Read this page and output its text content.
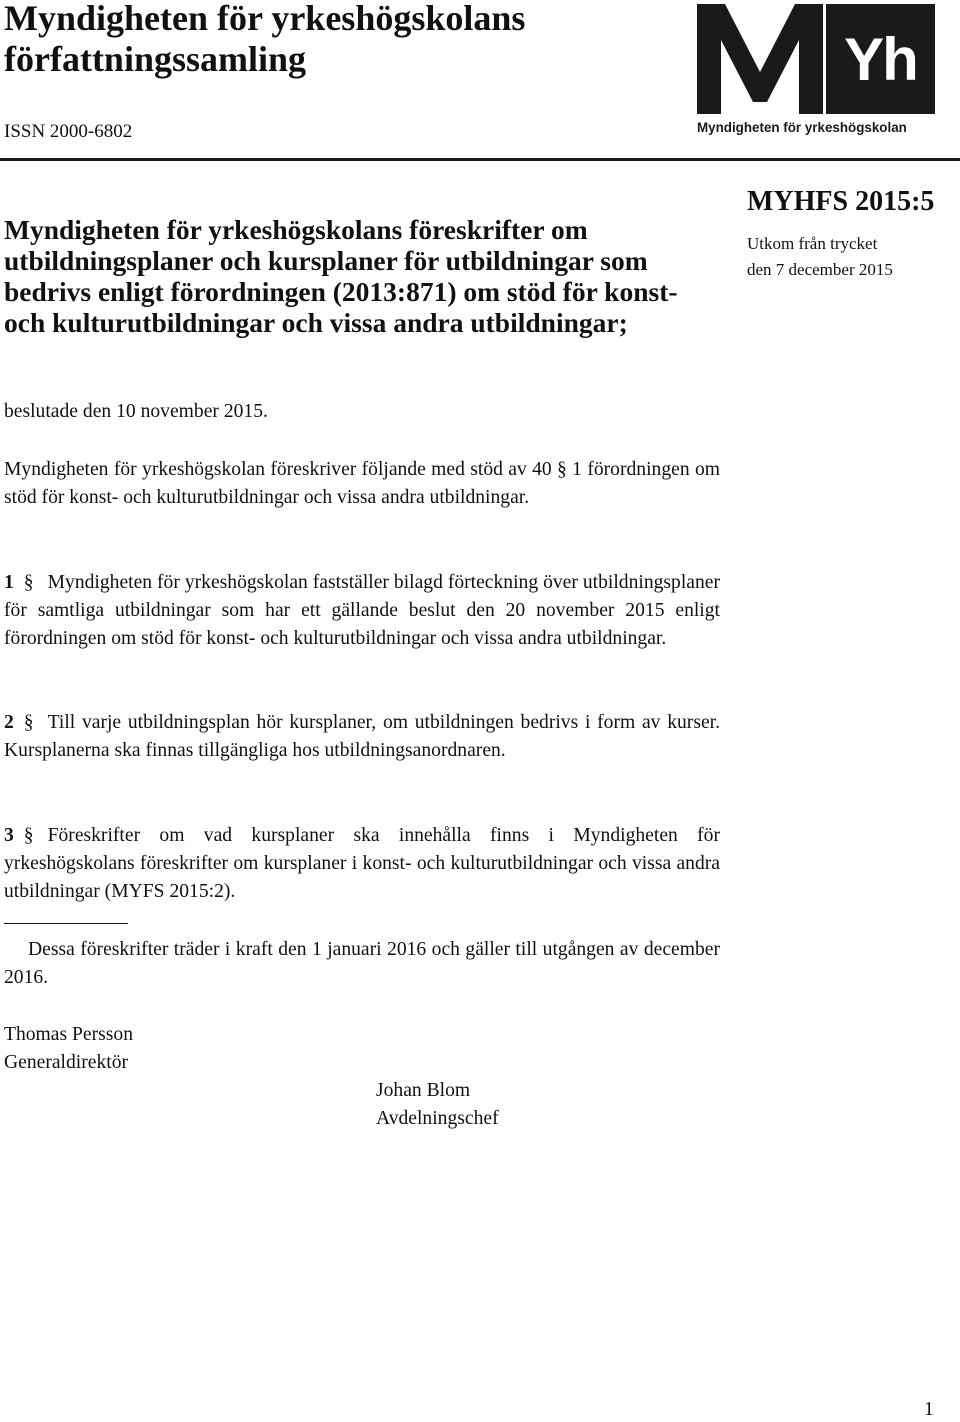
Myndigheten för yrkeshögskolans författningssamling
ISSN 2000-6802
Yh
Myndigheten för yrkeshögskolan
Myndigheten för yrkeshögskolans föreskrifter om utbildningsplaner och kursplaner för utbildningar som bedrivs enligt förordningen (2013:871) om stöd för konst- och kulturutbildningar och vissa andra utbildningar;
MYHFS 2015:5
Utkom från trycket
den 7 december 2015

beslutade den 10 november 2015.

Myndigheten för yrkeshögskolan föreskriver följande med stöd av 40 § 1 förordningen om stöd för konst- och kulturutbildningar och vissa andra utbildningar.

1 § Myndigheten för yrkeshögskolan fastställer bilagd förteckning över utbildningsplaner för samtliga utbildningar som har ett gällande beslut den 20 november 2015 enligt förordningen om stöd för konst- och kulturutbildningar och vissa andra utbildningar.

2 § Till varje utbildningsplan hör kursplaner, om utbildningen bedrivs i form av kurser. Kursplanerna ska finnas tillgängliga hos utbildningsanordnaren.

3 § Föreskrifter om vad kursplaner ska innehålla finns i Myndigheten för yrkeshögskolans föreskrifter om kursplaner i konst- och kulturutbildningar och vissa andra utbildningar (MYFS 2015:2).

Dessa föreskrifter träder i kraft den 1 januari 2016 och gäller till utgången av december 2016.

Thomas Persson
Generaldirektör
Johan Blom
Avdelningschef
1
